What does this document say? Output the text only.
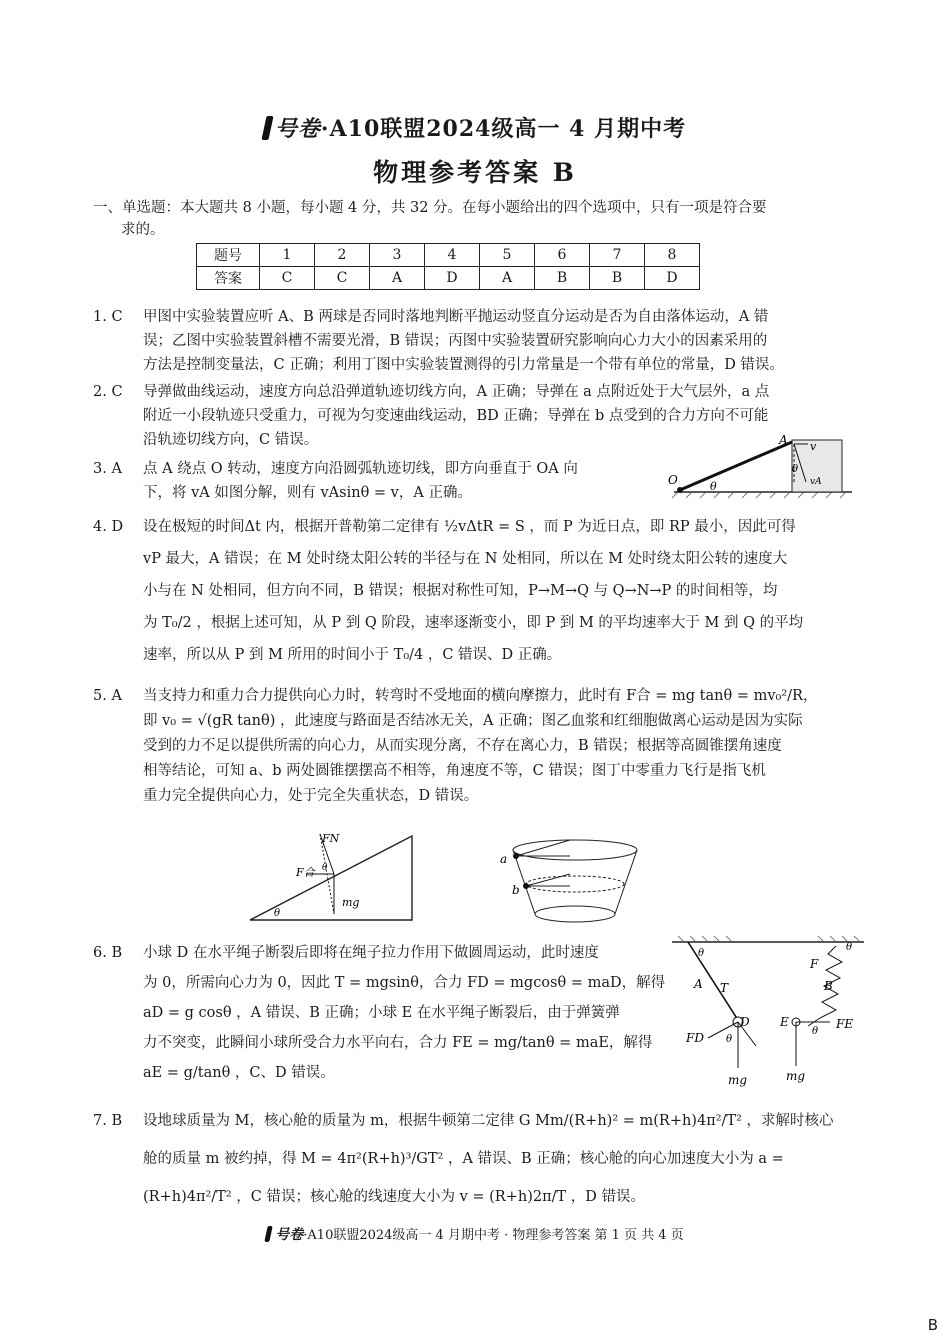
号卷·A10联盟2024级高一 4 月期中考
物理参考答案 B
一、单选题：本大题共 8 小题，每小题 4 分，共 32 分。在每小题给出的四个选项中，只有一项是符合要
求的。
题号	1	2	3	4	5	6	7	8
答案	C	C	A	D	A	B	B	D
1. C	甲图中实验装置应听 A、B 两球是否同时落地判断平抛运动竖直分运动是否为自由落体运动，A 错
误；乙图中实验装置斜槽不需要光滑，B 错误；丙图中实验装置研究影响向心力大小的因素采用的
方法是控制变量法，C 正确；利用丁图中实验装置测得的引力常量是一个带有单位的常量，D 错误。
2. C	导弹做曲线运动，速度方向总沿弹道轨迹切线方向，A 正确；导弹在 a 点附近处于大气层外，a 点
附近一小段轨迹只受重力，可视为匀变速曲线运动，BD 正确；导弹在 b 点受到的合力方向不可能
沿轨迹切线方向，C 错误。
3. A	点 A 绕点 O 转动，速度方向沿圆弧轨迹切线，即方向垂直于 OA 向
下，将 vA 如图分解，则有 vAsinθ = v，A 正确。
A v
θ
vA
O	θ
4. D	设在极短的时间Δt 内，根据开普勒第二定律有 ½vΔtR = S ，而 P 为近日点，即 RP 最小，因此可得
vP 最大，A 错误；在 M 处时绕太阳公转的半径与在 N 处相同，所以在 M 处时绕太阳公转的速度大
小与在 N 处相同，但方向不同，B 错误；根据对称性可知，P→M→Q 与 Q→N→P 的时间相等，均
为 T₀/2 ，根据上述可知，从 P 到 Q 阶段，速率逐渐变小，即 P 到 M 的平均速率大于 M 到 Q 的平均
速率，所以从 P 到 M 所用的时间小于 T₀/4 ，C 错误、D 正确。
5. A	当支持力和重力合力提供向心力时，转弯时不受地面的横向摩擦力，此时有 F合 = mg tanθ = mv₀²/R，
即 v₀ = √(gR tanθ) ，此速度与路面是否结冰无关，A 正确；图乙血浆和红细胞做离心运动是因为实际
受到的力不足以提供所需的向心力，从而实现分离，不存在离心力，B 错误；根据等高圆锥摆角速度
相等结论，可知 a、b 两处圆锥摆摆高不相等，角速度不等，C 错误；图丁中零重力飞行是指飞机
重力完全提供向心力，处于完全失重状态，D 错误。
FN
θ
F合
mg
θ
a
b
6. B	小球 D 在水平绳子断裂后即将在绳子拉力作用下做圆周运动，此时速度
为 0，所需向心力为 0，因此 T = mgsinθ，合力 FD = mgcosθ = maD，解得
aD = g cosθ ，A 错误、B 正确；小球 E 在水平绳子断裂后，由于弹簧弹
力不突变，此瞬间小球所受合力水平向右，合力 FE = mg/tanθ = maE，解得
aE = g/tanθ ，C、D 错误。
θ
A T
D
FD θ
mg
θ
F
B
E
θ
FE
mg
7. B	设地球质量为 M，核心舱的质量为 m，根据牛顿第二定律 G Mm/(R+h)² = m(R+h)4π²/T² ，求解时核心
舱的质量 m 被约掉，得 M = 4π²(R+h)³/GT² ，A 错误、B 正确；核心舱的向心加速度大小为 a =
(R+h)4π²/T² ，C 错误；核心舱的线速度大小为 v = (R+h)2π/T ，D 错误。
号卷·A10联盟2024级高一 4 月期中考 · 物理参考答案 第 1 页 共 4 页
B
